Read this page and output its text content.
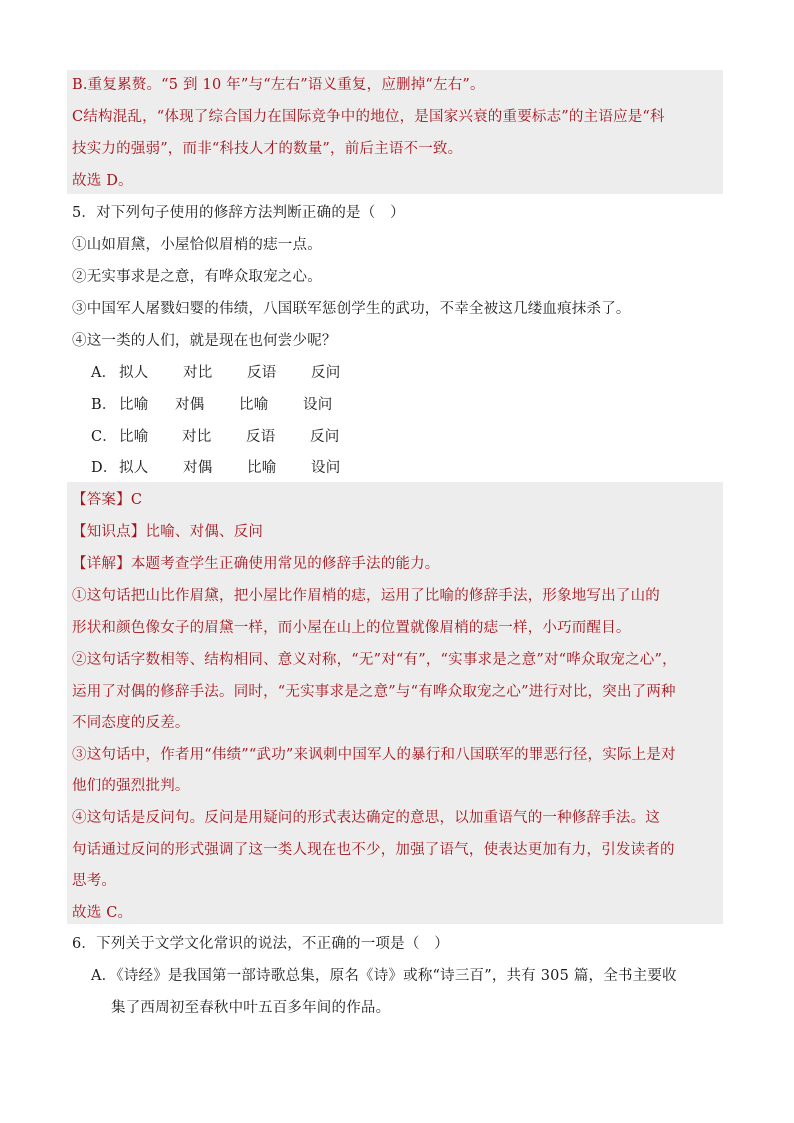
B.重复累赘。“5 到 10 年”与“左右”语义重复，应删掉“左右”。
C结构混乱，“体现了综合国力在国际竞争中的地位，是国家兴衰的重要标志”的主语应是“科
技实力的强弱”，而非“科技人才的数量”，前后主语不一致。
故选 D。
5．对下列句子使用的修辞方法判断正确的是（　）
①山如眉黛，小屋恰似眉梢的痣一点。
②无实事求是之意，有哗众取宠之心。
③中国军人屠戮妇婴的伟绩，八国联军惩创学生的武功，不幸全被这几缕血痕抹杀了。
④这一类的人们，就是现在也何尝少呢？
A． 拟人 对比 反语 反问
B． 比喻 对偶 比喻 设问
C． 比喻 对比 反语 反问
D．拟人 对偶 比喻 设问
【答案】C
【知识点】比喻、对偶、反问
【详解】本题考查学生正确使用常见的修辞手法的能力。
①这句话把山比作眉黛，把小屋比作眉梢的痣，运用了比喻的修辞手法，形象地写出了山的
形状和颜色像女子的眉黛一样，而小屋在山上的位置就像眉梢的痣一样，小巧而醒目。
②这句话字数相等、结构相同、意义对称，“无”对“有”，“实事求是之意”对“哗众取宠之心”，
运用了对偶的修辞手法。同时，“无实事求是之意”与“有哗众取宠之心”进行对比，突出了两种
不同态度的反差。
③这句话中，作者用“伟绩”“武功”来讽刺中国军人的暴行和八国联军的罪恶行径，实际上是对
他们的强烈批判。
④这句话是反问句。反问是用疑问的形式表达确定的意思，以加重语气的一种修辞手法。这
句话通过反问的形式强调了这一类人现在也不少，加强了语气，使表达更加有力，引发读者的
思考。
故选 C。
6．下列关于文学文化常识的说法，不正确的一项是（　）
A．《诗经》是我国第一部诗歌总集，原名《诗》或称“诗三百”，共有 305 篇，全书主要收
集了西周初至春秋中叶五百多年间的作品。
